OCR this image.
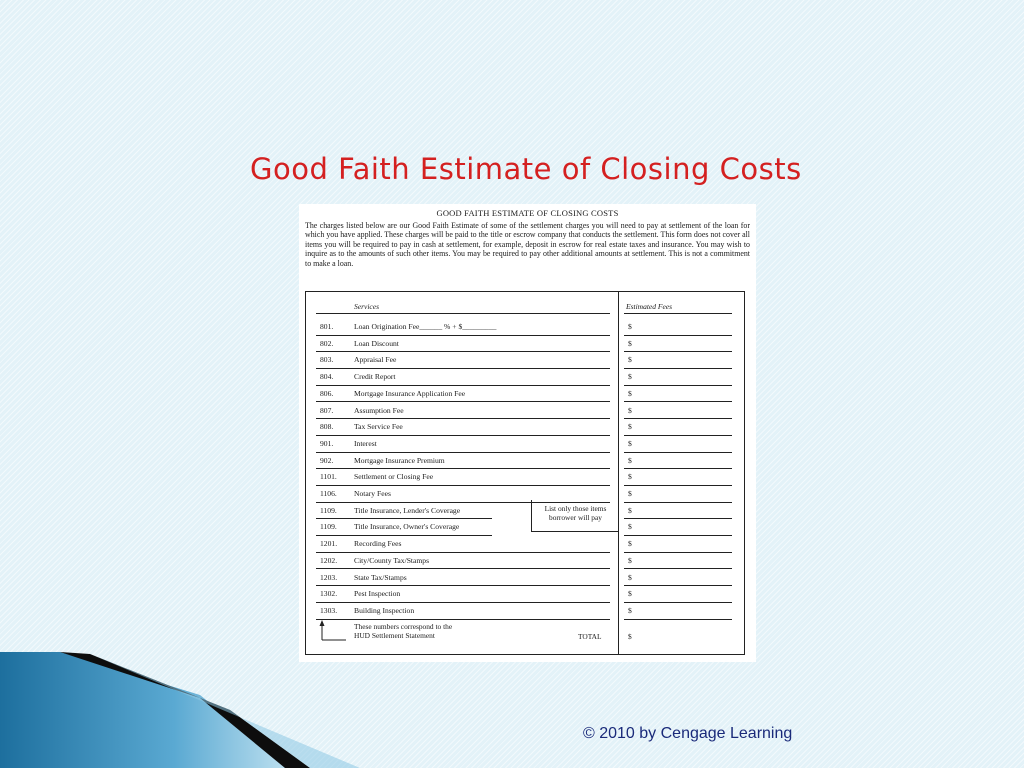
Good Faith Estimate of Closing Costs
GOOD FAITH ESTIMATE OF CLOSING COSTS

The charges listed below are our Good Faith Estimate of some of the settlement charges you will need to pay at settlement of the loan for which you have applied. These charges will be paid to the title or escrow company that conducts the settlement. This form does not cover all items you will be required to pay in cash at settlement, for example, deposit in escrow for real estate taxes and insurance. You may wish to inquire as to the amounts of such other items. You may be required to pay other additional amounts at settlement. This is not a commitment to make a loan.

Services	Estimated Fees
801.	Loan Origination Fee______ % + $_________	$
802.	Loan Discount	$
803.	Appraisal Fee	$
804.	Credit Report	$
806.	Mortgage Insurance Application Fee	$
807.	Assumption Fee	$
808.	Tax Service Fee	$
901.	Interest	$
902.	Mortgage Insurance Premium	$
1101. Settlement or Closing Fee	$
1106. Notary Fees	$
1109. Title Insurance, Lender's Coverage	$
1109. Title Insurance, Owner's Coverage	$
1201. Recording Fees	$
1202. City/County Tax/Stamps	$
1203. State Tax/Stamps	$
1302. Pest Inspection	$
1303. Building Inspection	$
List only those items borrower will pay
These numbers correspond to the
HUD Settlement Statement	TOTAL	$
© 2010 by Cengage Learning
